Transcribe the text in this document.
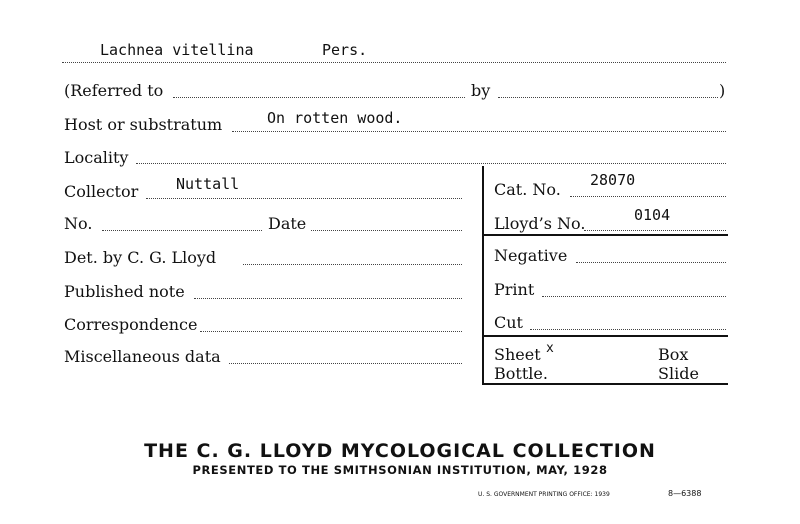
Lachnea vitellina	Pers.
(Referred to	by	)
Host or substratum	On rotten wood.
Locality
Collector	Nuttall
No.	Date
Det. by C. G. Lloyd
Published note
Correspondence
Miscellaneous data
Cat. No. 28070
Lloyd’s No.	0104
Negative
Print
Cut
Sheet x	Box
Bottle.	Slide
THE C. G. LLOYD MYCOLOGICAL COLLECTION
PRESENTED TO THE SMITHSONIAN INSTITUTION, MAY, 1928
U. S. GOVERNMENT PRINTING OFFICE: 1939	8—6388
